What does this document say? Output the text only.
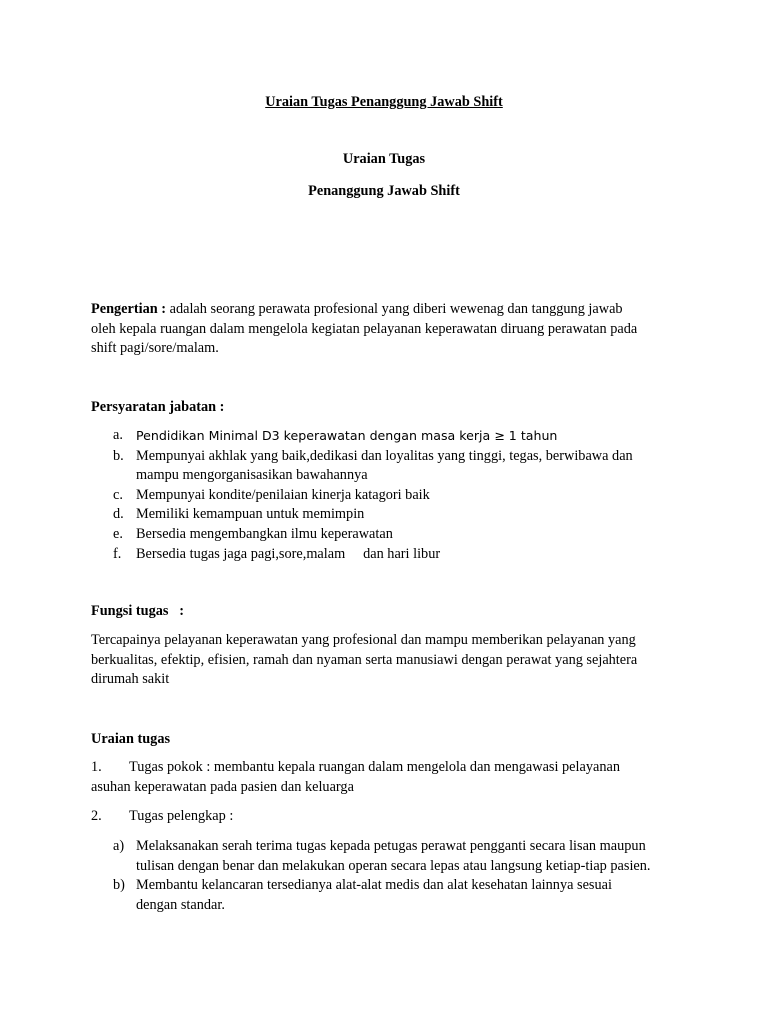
Uraian Tugas Penanggung Jawab Shift
Uraian Tugas
Penanggung Jawab Shift
Pengertian : adalah seorang perawata profesional yang diberi wewenag dan tanggung jawab
oleh kepala ruangan dalam mengelola kegiatan pelayanan keperawatan diruang perawatan pada
shift pagi/sore/malam.
Persyaratan jabatan :
a. Pendidikan Minimal D3 keperawatan dengan masa kerja ≥ 1 tahun
b. Mempunyai akhlak yang baik,dedikasi dan loyalitas yang tinggi, tegas, berwibawa dan
mampu mengorganisasikan bawahannya
c. Mempunyai kondite/penilaian kinerja katagori baik
d. Memiliki kemampuan untuk memimpin
e. Bersedia mengembangkan ilmu keperawatan
f. Bersedia tugas jaga pagi,sore,malam     dan hari libur
Fungsi tugas   :
Tercapainya pelayanan keperawatan yang profesional dan mampu memberikan pelayanan yang
berkualitas, efektip, efisien, ramah dan nyaman serta manusiawi dengan perawat yang sejahtera
dirumah sakit
Uraian tugas
1. Tugas pokok : membantu kepala ruangan dalam mengelola dan mengawasi pelayanan
asuhan keperawatan pada pasien dan keluarga
2. Tugas pelengkap :
a) Melaksanakan serah terima tugas kepada petugas perawat pengganti secara lisan maupun
tulisan dengan benar dan melakukan operan secara lepas atau langsung ketiap-tiap pasien.
b) Membantu kelancaran tersedianya alat-alat medis dan alat kesehatan lainnya sesuai
dengan standar.
